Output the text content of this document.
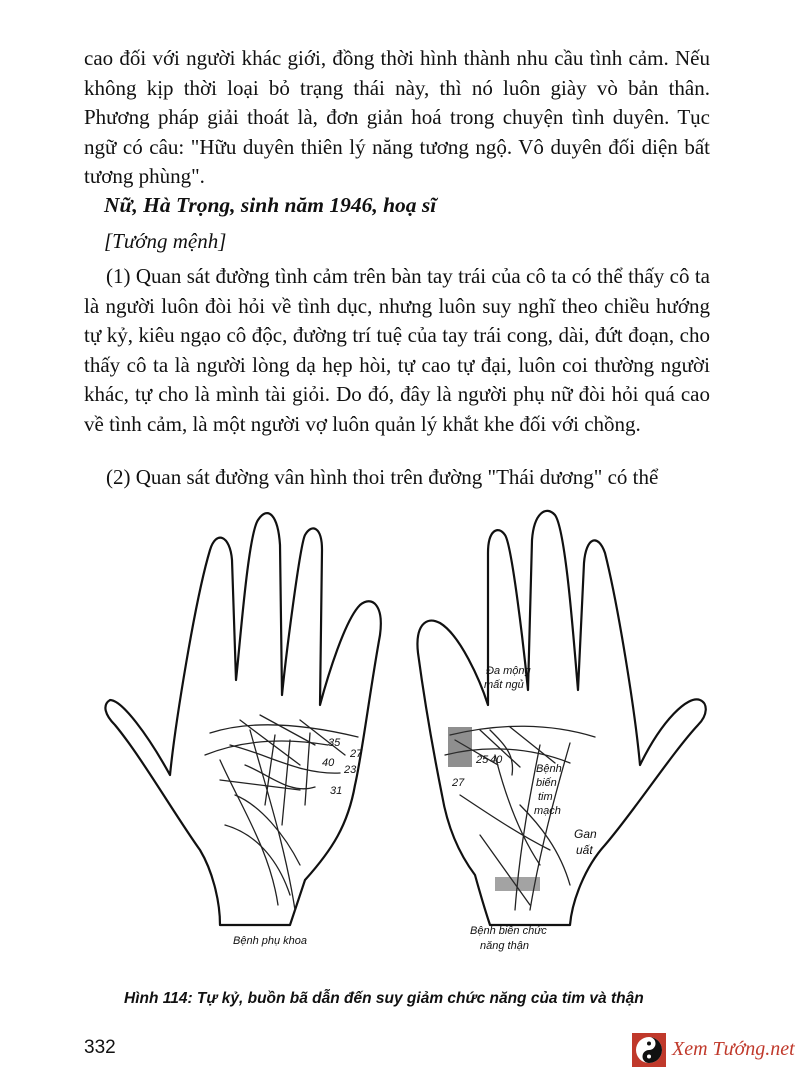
cao đối với người khác giới, đồng thời hình thành nhu cầu tình cảm. Nếu không kịp thời loại bỏ trạng thái này, thì nó luôn giày vò bản thân. Phương pháp giải thoát là, đơn giản hoá trong chuyện tình duyên. Tục ngữ có câu: "Hữu duyên thiên lý năng tương ngộ. Vô duyên đối diện bất tương phùng".

Nữ, Hà Trọng, sinh năm 1946, hoạ sĩ

[Tướng mệnh]

(1) Quan sát đường tình cảm trên bàn tay trái của cô ta có thể thấy cô ta là người luôn đòi hỏi về tình dục, nhưng luôn suy nghĩ theo chiều hướng tự kỷ, kiêu ngạo cô độc, đường trí tuệ của tay trái cong, dài, đứt đoạn, cho thấy cô ta là người lòng dạ hẹp hòi, tự cao tự đại, luôn coi thường người khác, tự cho là mình tài giỏi. Do đó, đây là người phụ nữ đòi hỏi quá cao về tình cảm, là một người vợ luôn quản lý khắt khe đối với chồng.

(2) Quan sát đường vân hình thoi trên đường "Thái dương" có thể

35
27
40
23
31
Bệnh phụ khoa
Đa mộng
mất ngủ
25 40
27
Bệnh
biến
tim
mạch
Gan
uất
Bệnh biến chức
năng thận

Hình 114: Tự kỷ, buồn bã dẫn đến suy giảm chức năng của tim và thận

332	Xem Tướng.net
